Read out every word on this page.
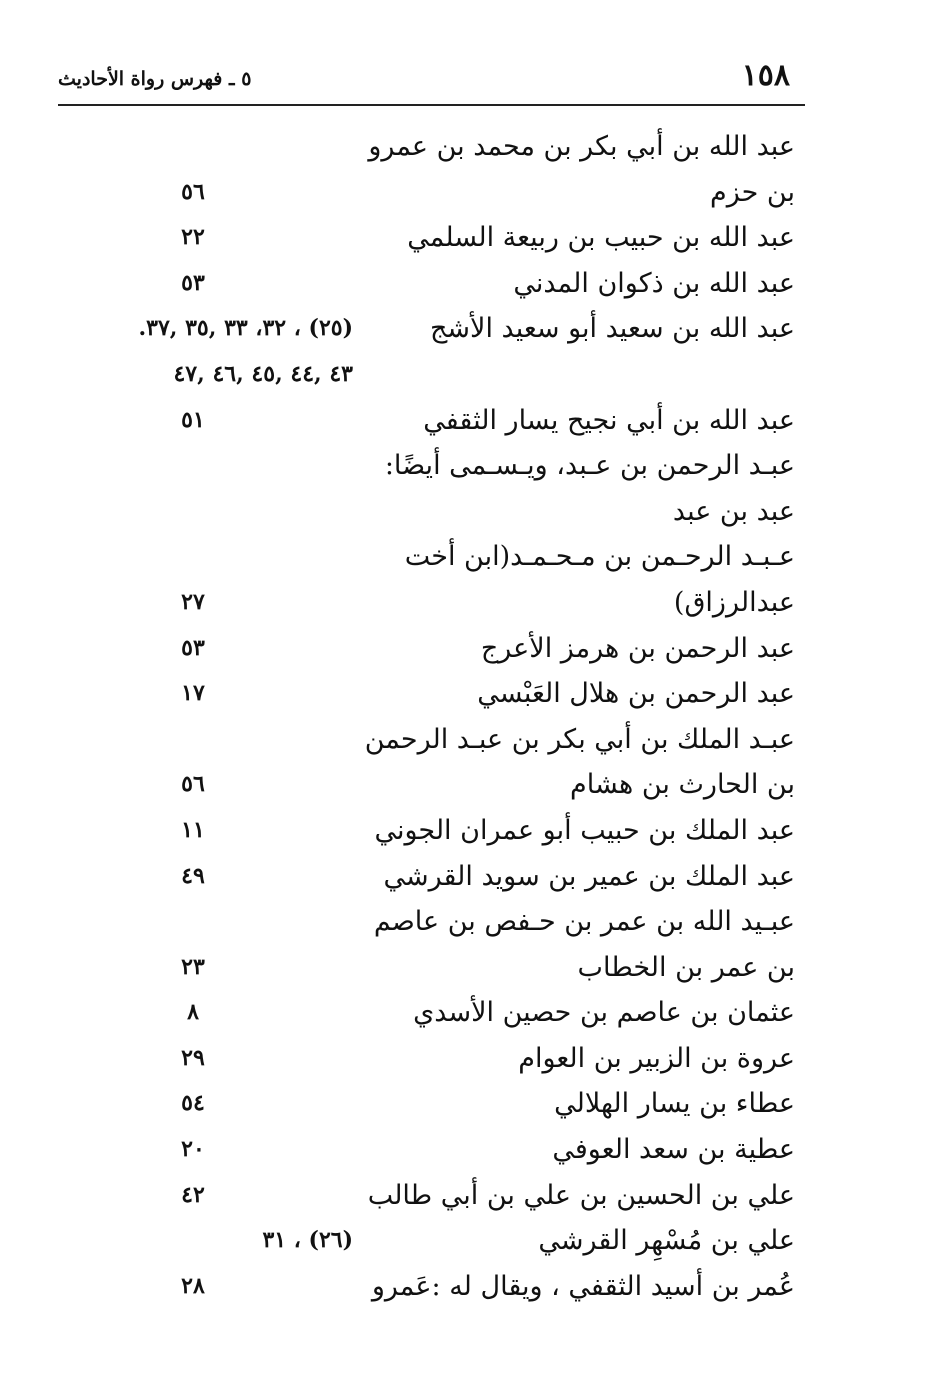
١٥٨
٥ ـ فهرس رواة الأحاديث
عبد الله بن أبي بكر بن محمد بن عمرو
بن حزم
٥٦
عبد الله بن حبيب بن ربيعة السلمي
٢٢
عبد الله بن ذكوان المدني
٥٣
عبد الله بن سعيد أبو سعيد الأشج
(٢٥) ، ٣٢، ٣٣ ,٣٥ ,٣٧.
٤٣ ,٤٤ ,٤٥ ,٤٦ ,٤٧
عبد الله بن أبي نجيح يسار الثقفي
٥١
عبـد الرحمن بن عـبد، ويـسـمى أيضًا:
عبد بن عبد
عـبـد الرحـمن بن مـحـمـد(ابن أخت
عبدالرزاق)
٢٧
عبد الرحمن بن هرمز الأعرج
٥٣
عبد الرحمن بن هلال العَبْسي
١٧
عبـد الملك بن أبي بكر بن عبـد الرحمن
بن الحارث بن هشام
٥٦
عبد الملك بن حبيب أبو عمران الجوني
١١
عبد الملك بن عمير بن سويد القرشي
٤٩
عبـيد الله بن عمر بن حـفص بن عاصم
بن عمر بن الخطاب
٢٣
عثمان بن عاصم بن حصين الأسدي
٨
عروة بن الزبير بن العوام
٢٩
عطاء بن يسار الهلالي
٥٤
عطية بن سعد العوفي
٢٠
علي بن الحسين بن علي بن أبي طالب
٤٢
علي بن مُسْهِر القرشي
(٢٦) ، ٣١
عُمر بن أسيد الثقفي ، ويقال له :عَمرو
٢٨
